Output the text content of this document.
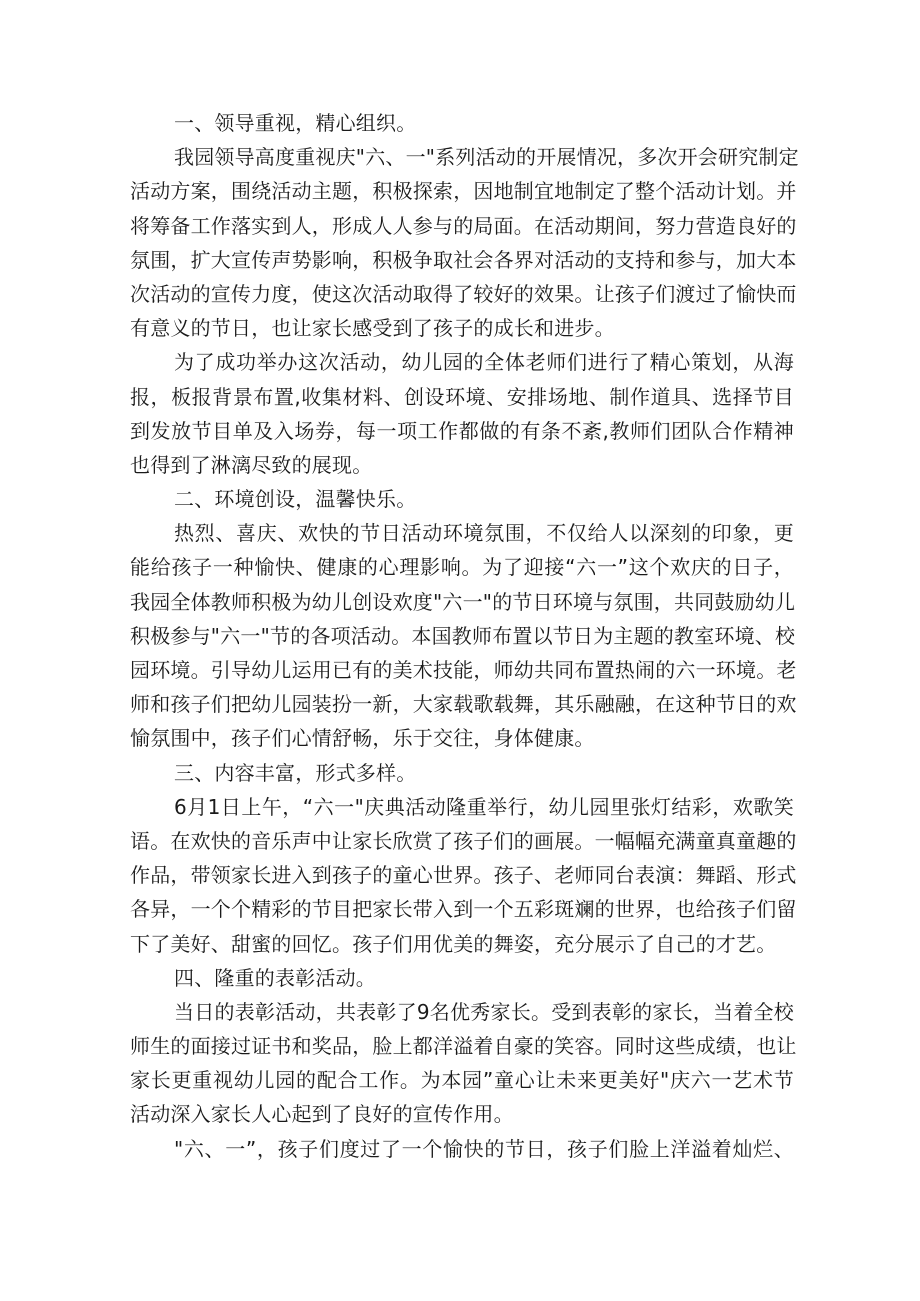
一、领导重视，精心组织。
我园领导高度重视庆"六、一"系列活动的开展情况，多次开会研究制定
活动方案，围绕活动主题，积极探索，因地制宜地制定了整个活动计划。并
将筹备工作落实到人，形成人人参与的局面。在活动期间，努力营造良好的
氛围，扩大宣传声势影响，积极争取社会各界对活动的支持和参与，加大本
次活动的宣传力度，使这次活动取得了较好的效果。让孩子们渡过了愉快而
有意义的节日，也让家长感受到了孩子的成长和进步。
为了成功举办这次活动，幼儿园的全体老师们进行了精心策划，从海
报，板报背景布置,收集材料、创设环境、安排场地、制作道具、选择节目
到发放节目单及入场券，每一项工作都做的有条不紊,教师们团队合作精神
也得到了淋漓尽致的展现。
二、环境创设，温馨快乐。
热烈、喜庆、欢快的节日活动环境氛围，不仅给人以深刻的印象，更
能给孩子一种愉快、健康的心理影响。为了迎接“六一”这个欢庆的日子，
我园全体教师积极为幼儿创设欢度"六一"的节日环境与氛围，共同鼓励幼儿
积极参与"六一"节的各项活动。本国教师布置以节日为主题的教室环境、校
园环境。引导幼儿运用已有的美术技能，师幼共同布置热闹的六一环境。老
师和孩子们把幼儿园装扮一新，大家载歌载舞，其乐融融，在这种节日的欢
愉氛围中，孩子们心情舒畅，乐于交往，身体健康。
三、内容丰富，形式多样。
6月1日上午，“六一"庆典活动隆重举行，幼儿园里张灯结彩，欢歌笑
语。在欢快的音乐声中让家长欣赏了孩子们的画展。一幅幅充满童真童趣的
作品，带领家长进入到孩子的童心世界。孩子、老师同台表演：舞蹈、形式
各异，一个个精彩的节目把家长带入到一个五彩斑斓的世界，也给孩子们留
下了美好、甜蜜的回忆。孩子们用优美的舞姿，充分展示了自己的才艺。
四、隆重的表彰活动。
当日的表彰活动，共表彰了9名优秀家长。受到表彰的家长，当着全校
师生的面接过证书和奖品，脸上都洋溢着自豪的笑容。同时这些成绩，也让
家长更重视幼儿园的配合工作。为本园”童心让未来更美好"庆六一艺术节
活动深入家长人心起到了良好的宣传作用。
"六、一”，孩子们度过了一个愉快的节日，孩子们脸上洋溢着灿烂、
